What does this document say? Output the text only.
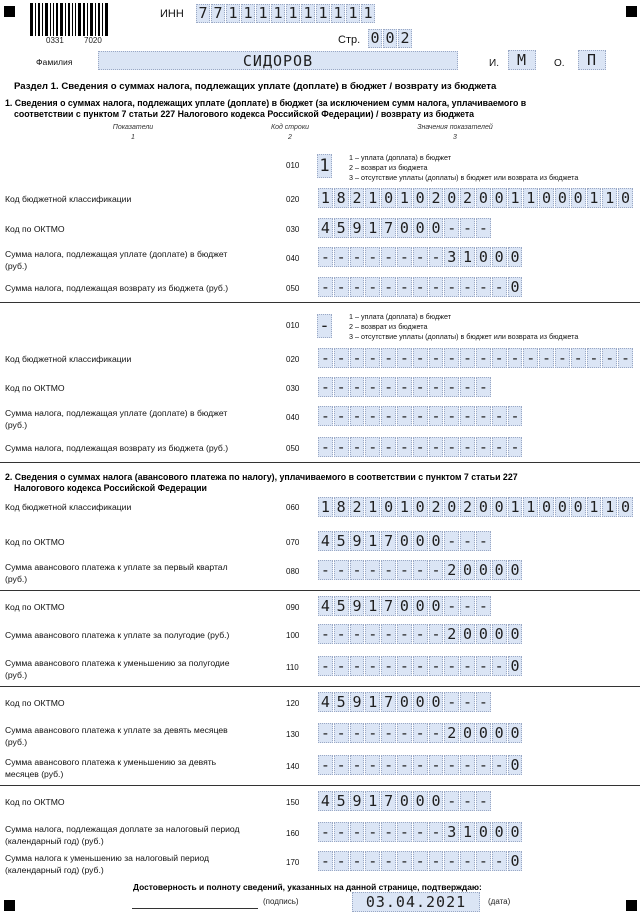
0331	7020
ИНН 7 7 1 1 1 1 1 1 1 1 1 1
Стр. 0 0 2
Фамилия	СИДОРОВ	И.	М	О.	П
Раздел 1. Сведения о суммах налога, подлежащих уплате (доплате) в бюджет / возврату из бюджета
1. Сведения о суммах налога, подлежащих уплате (доплате) в бюджет (за исключением сумм налога, уплачиваемого в
соответствии с пунктом 7 статьи 227 Налогового кодекса Российской Федерации) / возврату из бюджета
Показатели
1
Код строки
2
Значения показателей
3
010 1	1 – уплата (доплата) в бюджет
2 – возврат из бюджета
3 – отсутствие уплаты (доплаты) в бюджет или возврата из бюджета
Код бюджетной классификации	020 1 8 2 1 0 1 0 2 0 2 0 0 1 1 0 0 0 1 1 0
Код по ОКТМО	030 4 5 9 1 7 0 0 0 - - -
Сумма налога, подлежащая уплате (доплате) в бюджет
(руб.)
040 - - - - - - - - 3 1 0 0 0
Сумма налога, подлежащая возврату из бюджета (руб.)	050 - - - - - - - - - - - - 0
010 -	1 – уплата (доплата) в бюджет
2 – возврат из бюджета
3 – отсутствие уплаты (доплаты) в бюджет или возврата из бюджета
Код бюджетной классификации	020 - - - - - - - - - - - - - - - - - - - -
Код по ОКТМО	030 - - - - - - - - - - -
Сумма налога, подлежащая уплате (доплате) в бюджет
(руб.)
040 - - - - - - - - - - - - -
Сумма налога, подлежащая возврату из бюджета (руб.)	050 - - - - - - - - - - - - -
2. Сведения о суммах налога (авансового платежа по налогу), уплачиваемого в соответствии с пунктом 7 статьи 227
Налогового кодекса Российской Федерации
Код бюджетной классификации	060 1 8 2 1 0 1 0 2 0 2 0 0 1 1 0 0 0 1 1 0
Код по ОКТМО	070 4 5 9 1 7 0 0 0 - - -
Сумма авансового платежа к уплате за первый квартал
(руб.)
080 - - - - - - - - 2 0 0 0 0
Код по ОКТМО	090 4 5 9 1 7 0 0 0 - - -
Сумма авансового платежа к уплате за полугодие (руб.)	100 - - - - - - - - 2 0 0 0 0
Сумма авансового платежа к уменьшению за полугодие
(руб.)
110 - - - - - - - - - - - - 0
Код по ОКТМО	120 4 5 9 1 7 0 0 0 - - -
Сумма авансового платежа к уплате за девять месяцев
(руб.)
130 - - - - - - - - 2 0 0 0 0
Сумма авансового платежа к уменьшению за девять
месяцев (руб.)
140 - - - - - - - - - - - - 0
Код по ОКТМО	150 4 5 9 1 7 0 0 0 - - -
Сумма налога, подлежащая доплате за налоговый период
(календарный год) (руб.)
160 - - - - - - - - 3 1 0 0 0
Сумма налога к уменьшению за налоговый период
(календарный год) (руб.)
170 - - - - - - - - - - - - 0
Достоверность и полноту сведений, указанных на данной странице, подтверждаю:
(подпись)	03.04.2021	(дата)
